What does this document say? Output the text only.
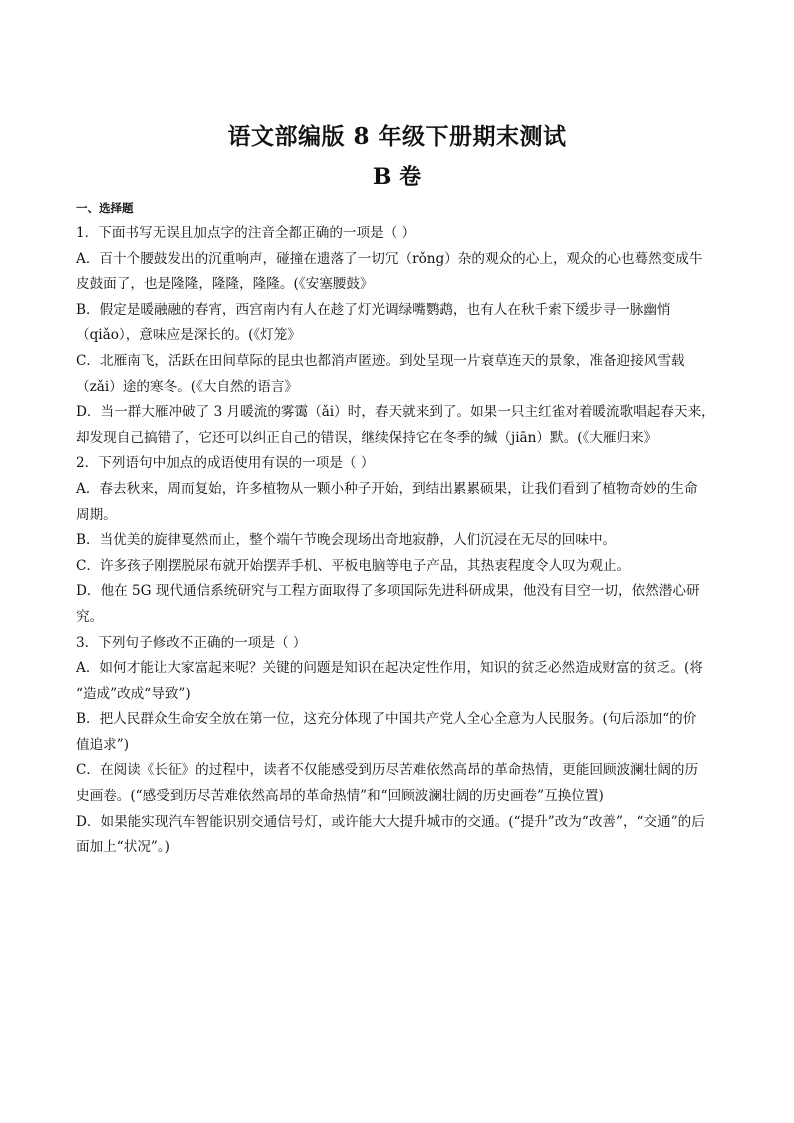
语文部编版 8 年级下册期末测试
B 卷
一、选择题
1．下面书写无误且加点字的注音全都正确的一项是（ ）
A．百十个腰鼓发出的沉重响声，碰撞在遗落了一切冗（rǒng）杂的观众的心上，观众的心也蓦然变成牛
皮鼓面了，也是隆隆，隆隆，隆隆。(《安塞腰鼓》
B．假定是暖融融的春宵，西宫南内有人在趁了灯光调绿嘴鹦鹉，也有人在秋千索下缓步寻一脉幽悄
（qiǎo），意味应是深长的。(《灯笼》
C．北雁南飞，活跃在田间草际的昆虫也都消声匿迹。到处呈现一片衰草连天的景象，准备迎接风雪载
（zǎi）途的寒冬。(《大自然的语言》
D．当一群大雁冲破了 3 月暖流的雾霭（ǎi）时，春天就来到了。如果一只主红雀对着暖流歌唱起春天来，
却发现自己搞错了，它还可以纠正自己的错误，继续保持它在冬季的缄（jiān）默。(《大雁归来》
2．下列语句中加点的成语使用有误的一项是（ ）
A．春去秋来，周而复始，许多植物从一颗小种子开始，到结出累累硕果，让我们看到了植物奇妙的生命
周期。
B．当优美的旋律戛然而止，整个端午节晚会现场出奇地寂静，人们沉浸在无尽的回味中。
C．许多孩子刚摆脱尿布就开始摆弄手机、平板电脑等电子产品，其热衷程度令人叹为观止。
D．他在 5G 现代通信系统研究与工程方面取得了多项国际先进科研成果，他没有目空一切，依然潜心研
究。
3．下列句子修改不正确的一项是（ ）
A．如何才能让大家富起来呢？关键的问题是知识在起决定性作用，知识的贫乏必然造成财富的贫乏。(将
“造成”改成“导致”)
B．把人民群众生命安全放在第一位，这充分体现了中国共产党人全心全意为人民服务。(句后添加“的价
值追求”)
C．在阅读《长征》的过程中，读者不仅能感受到历尽苦难依然高昂的革命热情，更能回顾波澜壮阔的历
史画卷。(“感受到历尽苦难依然高昂的革命热情”和“回顾波澜壮阔的历史画卷”互换位置)
D．如果能实现汽车智能识别交通信号灯，或许能大大提升城市的交通。(“提升”改为“改善”，“交通”的后
面加上“状况”。)
